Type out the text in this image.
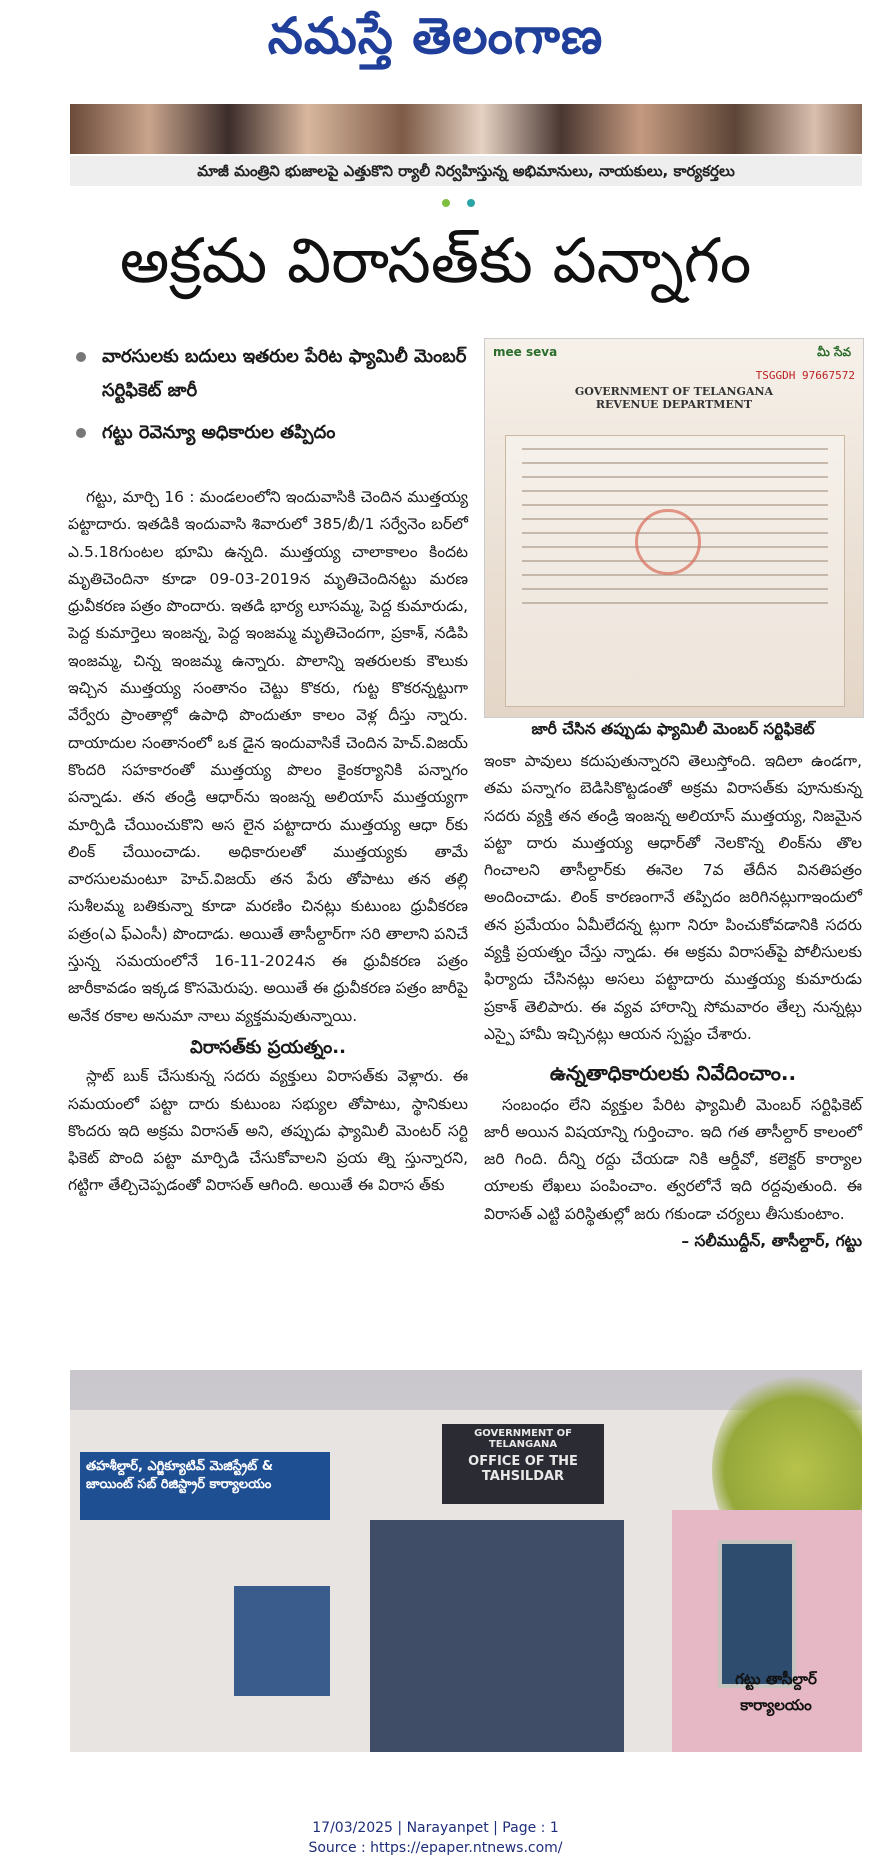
నమస్తే తెలంగాణ
మాజీ మంత్రిని భుజాలపై ఎత్తుకొని ర్యాలీ నిర్వహిస్తున్న అభిమానులు, నాయకులు, కార్యకర్తలు

అక్రమ విరాసత్‌కు పన్నాగం
వారసులకు బదులు ఇతరుల పేరిట ఫ్యామిలీ మెంబర్ సర్టిఫికెట్ జారీ
గట్టు రెవెన్యూ అధికారుల తప్పిదం

గట్టు, మార్చి 16 : మండలంలోని ఇందువాసికి చెందిన ముత్తయ్య పట్టాదారు. ఇతడికి ఇందువాసి శివారులో 385/బీ/1 సర్వేనెం బర్‌లో ఎ.5.18గుంటల భూమి ఉన్నది. ముత్తయ్య చాలాకాలం కిందట మృతిచెందినా కూడా 09-03-2019న మృతిచెందినట్టు మరణ ధ్రువీకరణ పత్రం పొందారు. ఇతడి భార్య లూసమ్మ, పెద్ద కుమారుడు, పెద్ద కుమార్తెలు ఇంజన్న, పెద్ద ఇంజమ్మ మృతిచెందగా, ప్రకాశ్, నడిపి ఇంజమ్మ, చిన్న ఇంజమ్మ ఉన్నారు. పొలాన్ని ఇతరులకు కౌలుకు ఇచ్చిన ముత్తయ్య సంతానం చెట్టు కొకరు, గుట్ట కొకరన్నట్టుగా వేర్వేరు ప్రాంతాల్లో ఉపాధి పొందుతూ కాలం వెళ్ల దీస్తు న్నారు. దాయాదుల సంతానంలో ఒక డైన ఇందువాసికే చెందిన హెచ్.విజయ్ కొందరి సహకారంతో ముత్తయ్య పొలం కైంకర్యానికి పన్నాగం పన్నాడు. తన తండ్రి ఆధార్‌ను ఇంజన్న అలియాస్ ముత్తయ్యగా మార్పిడి చేయించుకొని అస లైన పట్టాదారు ముత్తయ్య ఆధా ర్‌కు లింక్ చేయించాడు. అధికారులతో ముత్తయ్యకు తామే వారసులమంటూ హెచ్.విజయ్ తన పేరు తోపాటు తన తల్లి సుశీలమ్మ బతికున్నా కూడా మరణిం చినట్లు కుటుంబ ధ్రువీకరణ పత్రం(ఎ ఫ్‌ఎంసీ) పొందాడు. అయితే తాసీల్దార్‌గా సరి తాలాని పనిచే స్తున్న సమయంలోనే 16-11-2024న ఈ ధ్రువీకరణ పత్రం జారీకావడం ఇక్కడ కొసమెరుపు. అయితే ఈ ధ్రువీకరణ పత్రం జారీపై అనేక రకాల అనుమా నాలు వ్యక్తమవుతున్నాయి.

విరాసత్‌కు ప్రయత్నం..

స్లాట్ బుక్ చేసుకున్న సదరు వ్యక్తులు విరాసత్‌కు వెళ్లారు. ఈ సమయంలో పట్టా దారు కుటుంబ సభ్యుల తోపాటు, స్థానికులు కొందరు ఇది అక్రమ విరాసత్ అని, తప్పుడు ఫ్యామిలీ మెంటర్ సర్టి ఫికెట్ పొంది పట్టా మార్పిడి చేసుకోవాలని ప్రయ త్ని స్తున్నారని, గట్టిగా తేల్చిచెప్పడంతో విరాసత్ ఆగింది. అయితే ఈ విరాస త్‌కు

mee seva	మీ సేవ
TSGGDH 97667572
GOVERNMENT OF TELANGANA
REVENUE DEPARTMENT
జారీ చేసిన తప్పుడు ఫ్యామిలీ మెంబర్ సర్టిఫికెట్

ఇంకా పావులు కదుపుతున్నారని తెలుస్తోంది. ఇదిలా ఉండగా, తమ పన్నాగం బెడిసికొట్టడంతో అక్రమ విరాసత్‌కు పూనుకున్న సదరు వ్యక్తి తన తండ్రి ఇంజన్న అలియాస్ ముత్తయ్య, నిజమైన పట్టా దారు ముత్తయ్య ఆధార్‌తో నెలకొన్న లింక్‌ను తొల గించాలని తాసీల్దార్‌కు ఈనెల 7వ తేదీన వినతిపత్రం అందించాడు. లింక్ కారణంగానే తప్పిదం జరిగినట్లుగాఇందులో తన ప్రమేయం ఏమీలేదన్న ట్లుగా నిరూ పించుకోవడానికి సదరు వ్యక్తి ప్రయత్నం చేస్తు న్నాడు. ఈ అక్రమ విరాసత్‌పై పోలీసులకు ఫిర్యాదు చేసినట్లు అసలు పట్టాదారు ముత్తయ్య కుమారుడు ప్రకాశ్ తెలిపారు. ఈ వ్యవ హారాన్ని సోమవారం తేల్చ నున్నట్లు ఎస్పై హామీ ఇచ్చినట్లు ఆయన స్పష్టం చేశారు.

ఉన్నతాధికారులకు నివేదించాం..

సంబంధం లేని వ్యక్తుల పేరిట ఫ్యామిలీ మెంబర్ సర్టిఫికెట్ జారీ అయిన విషయాన్ని గుర్తించాం. ఇది గత తాసీల్దార్ కాలంలో జరి గింది. దీన్ని రద్దు చేయడా నికి ఆర్డీవో, కలెక్టర్ కార్యాల యాలకు లేఖలు పంపించాం. త్వరలోనే ఇది రద్దవుతుంది. ఈ విరాసత్ ఎట్టి పరిస్థితుల్లో జరు గకుండా చర్యలు తీసుకుంటాం.

– సలీముద్దీన్, తాసీల్దార్, గట్టు
తహశీల్దార్, ఎగ్జిక్యూటివ్ మెజిస్ట్రేట్ & జాయింట్ సబ్ రిజిస్ట్రార్ కార్యాలయం
GOVERNMENT OF TELANGANA
OFFICE OF THE TAHSILDAR
గట్టు తాసీల్దార్
కార్యాలయం
17/03/2025 | Narayanpet | Page : 1
Source : https://epaper.ntnews.com/
